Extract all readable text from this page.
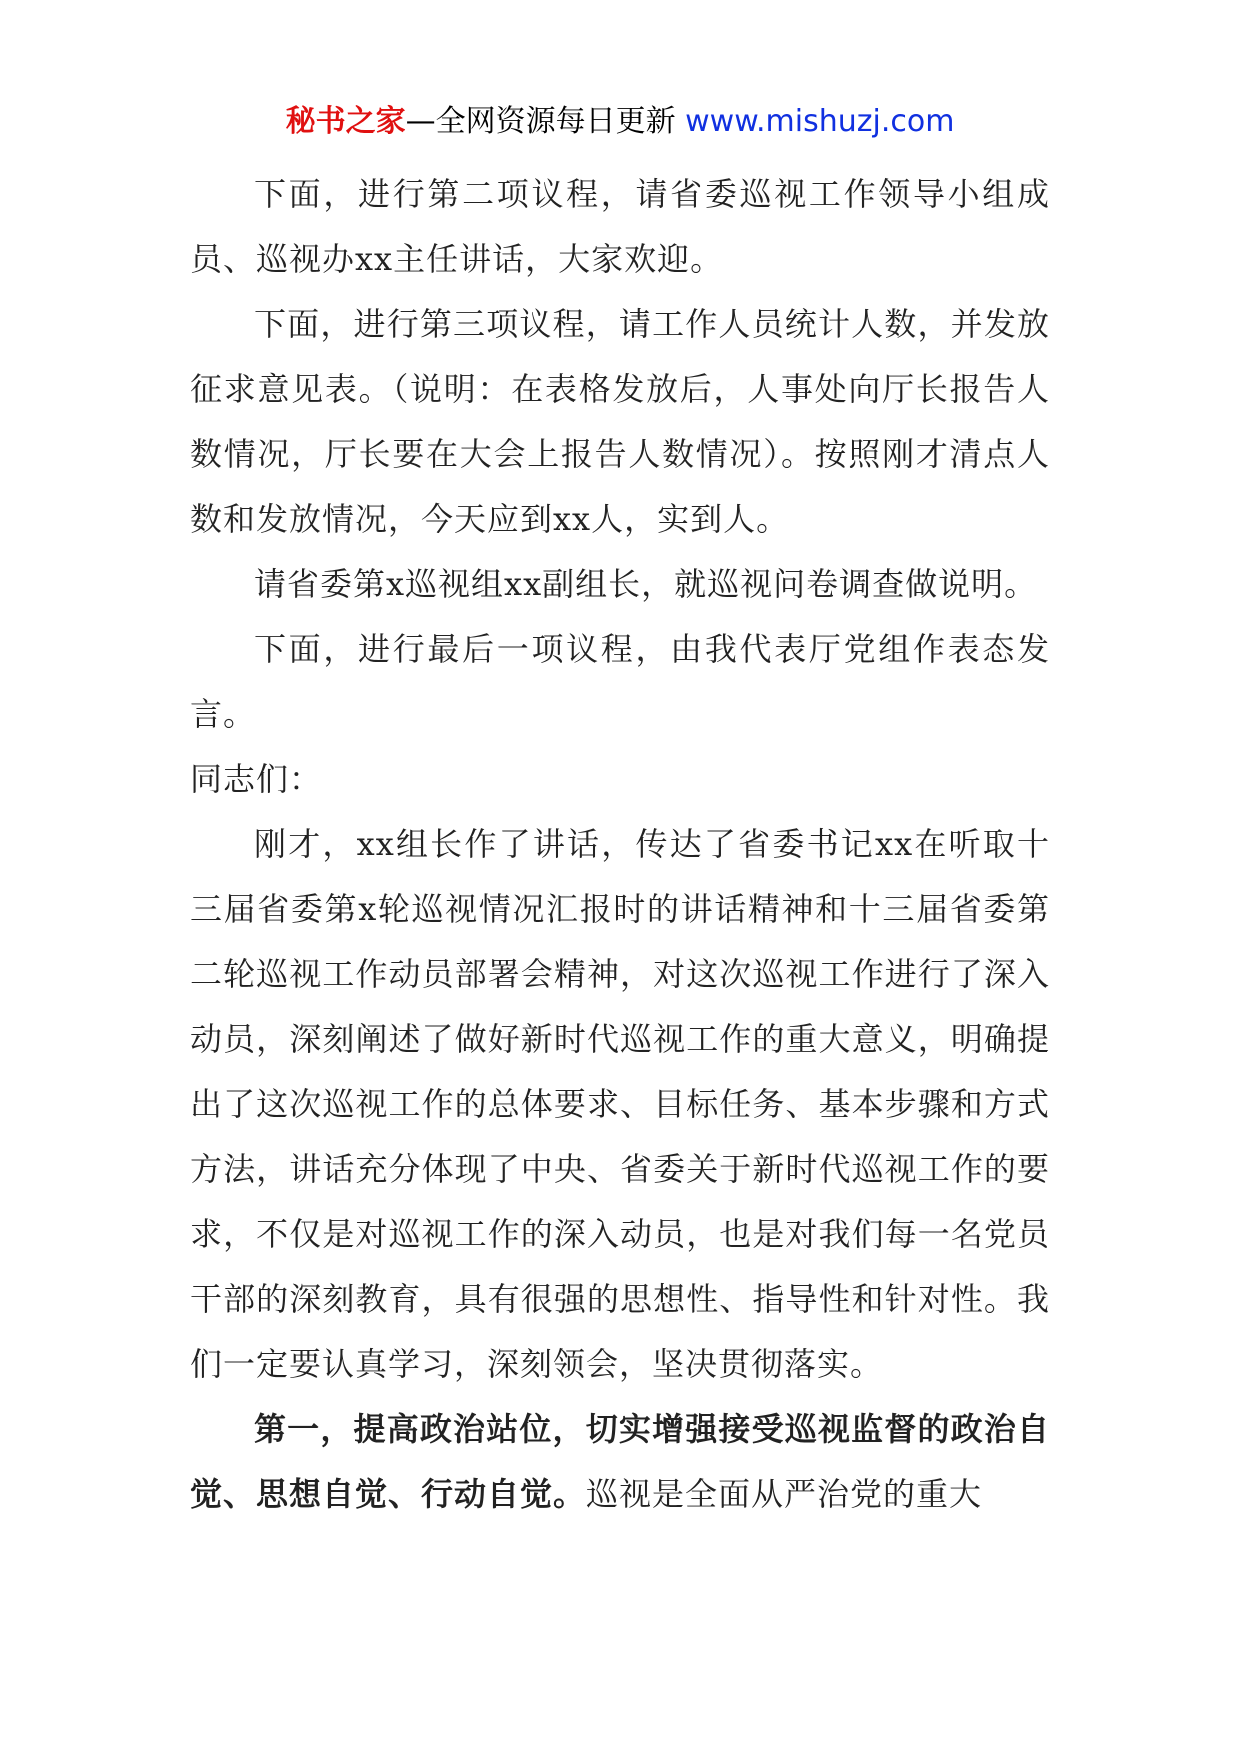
秘书之家—全网资源每日更新 www.mishuzj.com

下面，进行第二项议程，请省委巡视工作领导小组成员、巡视办xx主任讲话，大家欢迎。

下面，进行第三项议程，请工作人员统计人数，并发放征求意见表。（说明：在表格发放后，人事处向厅长报告人数情况，厅长要在大会上报告人数情况）。按照刚才清点人数和发放情况，今天应到xx人，实到人。

请省委第x巡视组xx副组长，就巡视问卷调查做说明。

下面，进行最后一项议程，由我代表厅党组作表态发言。

同志们：

刚才，xx组长作了讲话，传达了省委书记xx在听取十三届省委第x轮巡视情况汇报时的讲话精神和十三届省委第二轮巡视工作动员部署会精神，对这次巡视工作进行了深入动员，深刻阐述了做好新时代巡视工作的重大意义，明确提出了这次巡视工作的总体要求、目标任务、基本步骤和方式方法，讲话充分体现了中央、省委关于新时代巡视工作的要求，不仅是对巡视工作的深入动员，也是对我们每一名党员干部的深刻教育，具有很强的思想性、指导性和针对性。我们一定要认真学习，深刻领会，坚决贯彻落实。

第一，提高政治站位，切实增强接受巡视监督的政治自觉、思想自觉、行动自觉。巡视是全面从严治党的重大
